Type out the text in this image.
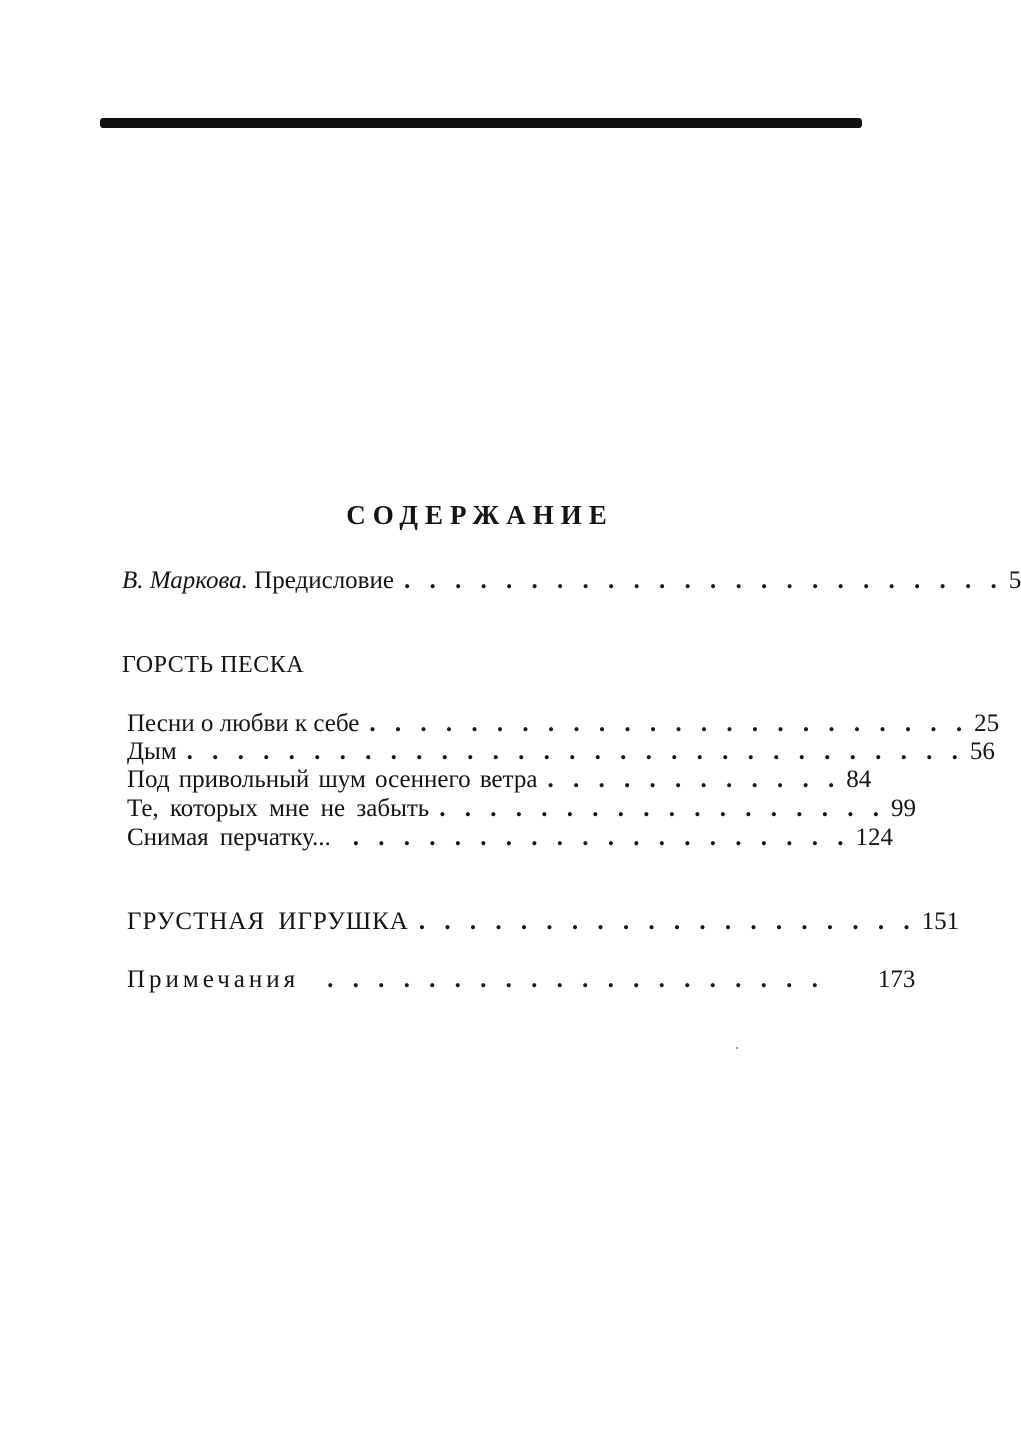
СОДЕРЖАНИЕ
В. Маркова. Предисловие . . . . . . . . . . . . . . . . . . . . . . . . 5
ГОРСТЬ ПЕСКА
Песни о любви к себе . . . . . . . . . . . . . . . . . . . . . . . . 25
Дым . . . . . . . . . . . . . . . . . . . . . . . . . . . . . . . 56
Под привольный шум осеннего ветра . . . . . . . . . . . . 84
Те, которых мне не забыть . . . . . . . . . . . . . . . . . . 99
Снимая перчатку... . . . . . . . . . . . . . . . . . . . . 124
ГРУСТНАЯ ИГРУШКА . . . . . . . . . . . . . . . . . . . . 151
Примечания . . . . . . . . . . . . . . . . . . . . 173
